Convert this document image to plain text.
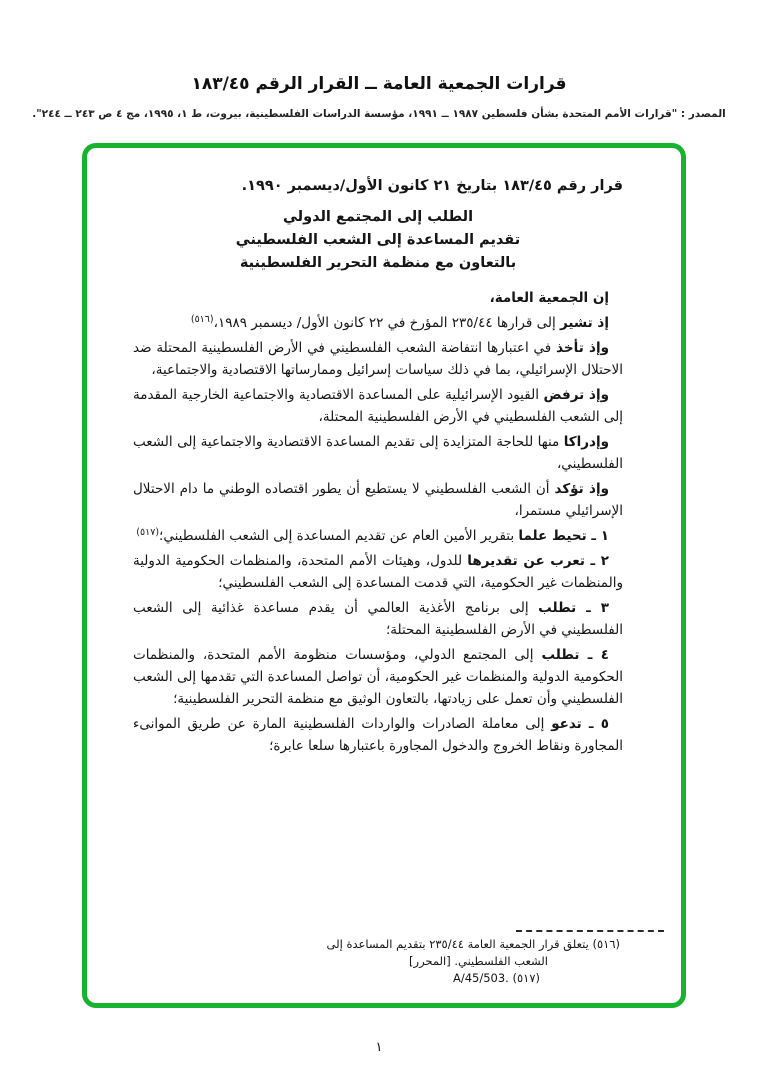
قرارات الجمعية العامة ــ القرار الرقم ١٨٣/٤٥

المصدر : "قرارات الأمم المتحدة بشأن فلسطين ١٩٨٧ ــ ١٩٩١، مؤسسة الدراسات الفلسطينية، بيروت، ط ١، ١٩٩٥، مج ٤ ص ٢٤٣ ــ ٢٤٤".

قرار رقم ١٨٣/٤٥ بتاريخ ٢١ كانون الأول/ديسمبر ١٩٩٠.

الطلب إلى المجتمع الدولي
تقديم المساعدة إلى الشعب الفلسطيني
بالتعاون مع منظمة التحرير الفلسطينية

إن الجمعية العامة،

إذ تشير إلى قرارها ٢٣٥/٤٤ المؤرخ في ٢٢ كانون الأول/ ديسمبر ١٩٨٩،$^{(٥١٦)}$

وإذ تأخذ في اعتبارها انتفاضة الشعب الفلسطيني في الأرض الفلسطينية المحتلة ضد الاحتلال الإسرائيلي، بما في ذلك سياسات إسرائيل وممارساتها الاقتصادية والاجتماعية،

وإذ ترفض القيود الإسرائيلية على المساعدة الاقتصادية والاجتماعية الخارجية المقدمة إلى الشعب الفلسطيني في الأرض الفلسطينية المحتلة،

وإدراكا منها للحاجة المتزايدة إلى تقديم المساعدة الاقتصادية والاجتماعية إلى الشعب الفلسطيني،

وإذ تؤكد أن الشعب الفلسطيني لا يستطيع أن يطور اقتصاده الوطني ما دام الاحتلال الإسرائيلي مستمرا،

١ ـ تحيط علما بتقرير الأمين العام عن تقديم المساعدة إلى الشعب الفلسطيني؛$^{(٥١٧)}$

٢ ـ تعرب عن تقديرها للدول، وهيئات الأمم المتحدة، والمنظمات الحكومية الدولية والمنظمات غير الحكومية، التي قدمت المساعدة إلى الشعب الفلسطيني؛

٣ ـ تطلب إلى برنامج الأغذية العالمي أن يقدم مساعدة غذائية إلى الشعب الفلسطيني في الأرض الفلسطينية المحتلة؛

٤ ـ تطلب إلى المجتمع الدولي، ومؤسسات منظومة الأمم المتحدة، والمنظمات الحكومية الدولية والمنظمات غير الحكومية، أن تواصل المساعدة التي تقدمها إلى الشعب الفلسطيني وأن تعمل على زيادتها، بالتعاون الوثيق مع منظمة التحرير الفلسطينية؛

٥ ـ تدعو إلى معاملة الصادرات والواردات الفلسطينية المارة عن طريق الموانىء المجاورة ونقاط الخروج والدخول المجاورة باعتبارها سلعا عابرة؛

(٥١٦) يتعلق قرار الجمعية العامة ٢٣٥/٤٤ بتقديم المساعدة إلى الشعب الفلسطيني. [المحرر]

(٥١٧) A/45/503.

١
